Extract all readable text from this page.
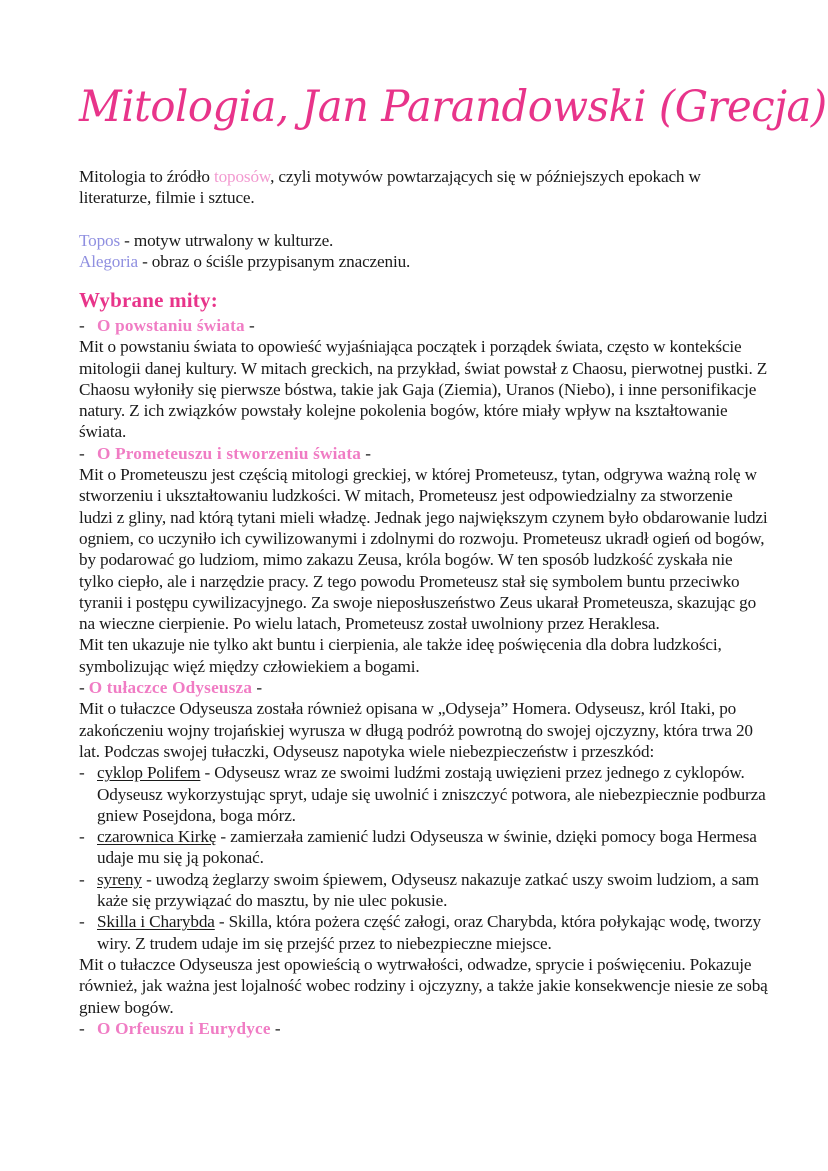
Mitologia, Jan Parandowski (Grecja)
Mitologia to źródło toposów, czyli motywów powtarzających się w późniejszych epokach w literaturze, filmie i sztuce.
Topos - motyw utrwalony w kulturze.
Alegoria - obraz o ściśle przypisanym znaczeniu.
Wybrane mity:
- O powstaniu świata -
Mit o powstaniu świata to opowieść wyjaśniająca początek i porządek świata, często w kontekście mitologii danej kultury. W mitach greckich, na przykład, świat powstał z Chaosu, pierwotnej pustki. Z Chaosu wyłoniły się pierwsze bóstwa, takie jak Gaja (Ziemia), Uranos (Niebo), i inne personifikacje natury. Z ich związków powstały kolejne pokolenia bogów, które miały wpływ na kształtowanie świata.
- O Prometeuszu i stworzeniu świata -
Mit o Prometeuszu jest częścią mitologi greckiej, w której Prometeusz, tytan, odgrywa ważną rolę w stworzeniu i ukształtowaniu ludzkości. W mitach, Prometeusz jest odpowiedzialny za stworzenie ludzi z gliny, nad którą tytani mieli władzę. Jednak jego największym czynem było obdarowanie ludzi ogniem, co uczyniło ich cywilizowanymi i zdolnymi do rozwoju. Prometeusz ukradł ogień od bogów, by podarować go ludziom, mimo zakazu Zeusa, króla bogów. W ten sposób ludzkość zyskała nie tylko ciepło, ale i narzędzie pracy. Z tego powodu Prometeusz stał się symbolem buntu przeciwko tyranii i postępu cywilizacyjnego. Za swoje nieposłuszeństwo Zeus ukarał Prometeusza, skazując go na wieczne cierpienie. Po wielu latach, Prometeusz został uwolniony przez Heraklesa.
Mit ten ukazuje nie tylko akt buntu i cierpienia, ale także ideę poświęcenia dla dobra ludzkości, symbolizując więź między człowiekiem a bogami.
- O tułaczce Odyseusza -
Mit o tułaczce Odyseusza została również opisana w „Odyseja” Homera. Odyseusz, król Itaki, po zakończeniu wojny trojańskiej wyrusza w długą podróż powrotną do swojej ojczyzny, która trwa 20 lat. Podczas swojej tułaczki, Odyseusz napotyka wiele niebezpieczeństw i przeszkód:
- cyklop Polifem - Odyseusz wraz ze swoimi ludźmi zostają uwięzieni przez jednego z cyklopów. Odyseusz wykorzystując spryt, udaje się uwolnić i zniszczyć potwora, ale niebezpiecznie podburza gniew Posejdona, boga mórz.
- czarownica Kirkę - zamierzała zamienić ludzi Odyseusza w świnie, dzięki pomocy boga Hermesa udaje mu się ją pokonać.
- syreny - uwodzą żeglarzy swoim śpiewem, Odyseusz nakazuje zatkać uszy swoim ludziom, a sam każe się przywiązać do masztu, by nie ulec pokusie.
- Skilla i Charybda - Skilla, która pożera część załogi, oraz Charybda, która połykając wodę, tworzy wiry. Z trudem udaje im się przejść przez to niebezpieczne miejsce.
Mit o tułaczce Odyseusza jest opowieścią o wytrwałości, odwadze, sprycie i poświęceniu. Pokazuje również, jak ważna jest lojalność wobec rodziny i ojczyzny, a także jakie konsekwencje niesie ze sobą gniew bogów.
- O Orfeuszu i Eurydyce -
